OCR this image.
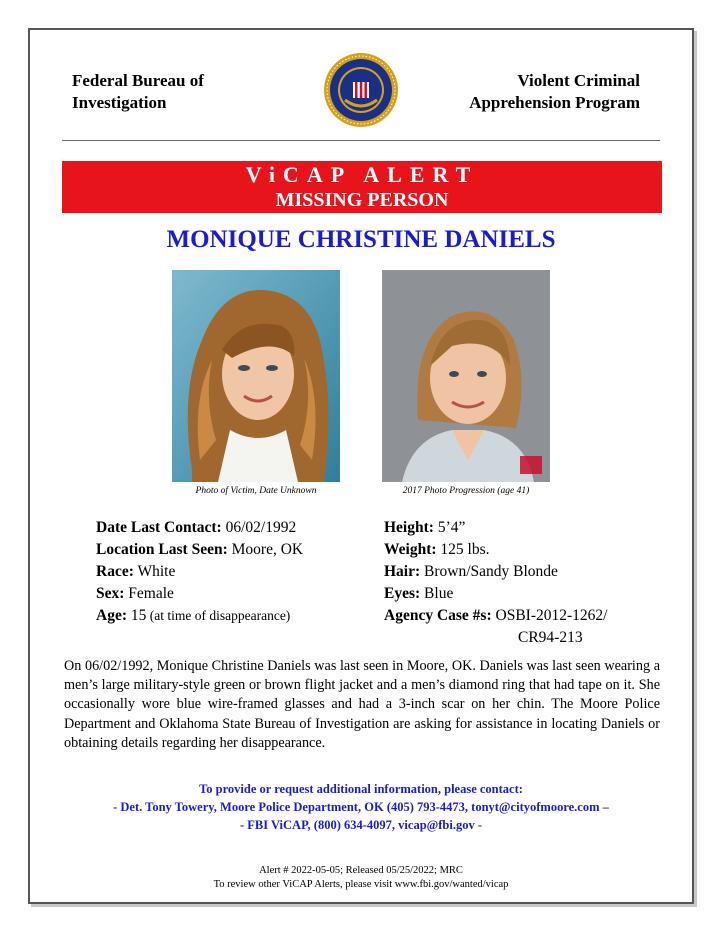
Federal Bureau of
Investigation
Violent Criminal
Apprehension Program
ViCAP ALERT
MISSING PERSON
MONIQUE CHRISTINE DANIELS
Photo of Victim, Date Unknown	2017 Photo Progression (age 41)
Date Last Contact: 06/02/1992
Location Last Seen: Moore, OK
Race: White
Sex: Female
Age: 15 (at time of disappearance)
Height: 5’4”
Weight: 125 lbs.
Hair: Brown/Sandy Blonde
Eyes: Blue
Agency Case #s: OSBI-2012-1262/
CR94-213
On 06/02/1992, Monique Christine Daniels was last seen in Moore, OK. Daniels was last seen wearing a men’s large military-style green or brown flight jacket and a men’s diamond ring that had tape on it. She occasionally wore blue wire-framed glasses and had a 3-inch scar on her chin. The Moore Police Department and Oklahoma State Bureau of Investigation are asking for assistance in locating Daniels or obtaining details regarding her disappearance.
To provide or request additional information, please contact:
- Det. Tony Towery, Moore Police Department, OK (405) 793-4473, tonyt@cityofmoore.com –
- FBI ViCAP, (800) 634-4097, vicap@fbi.gov -
Alert # 2022-05-05; Released 05/25/2022; MRC
To review other ViCAP Alerts, please visit www.fbi.gov/wanted/vicap
